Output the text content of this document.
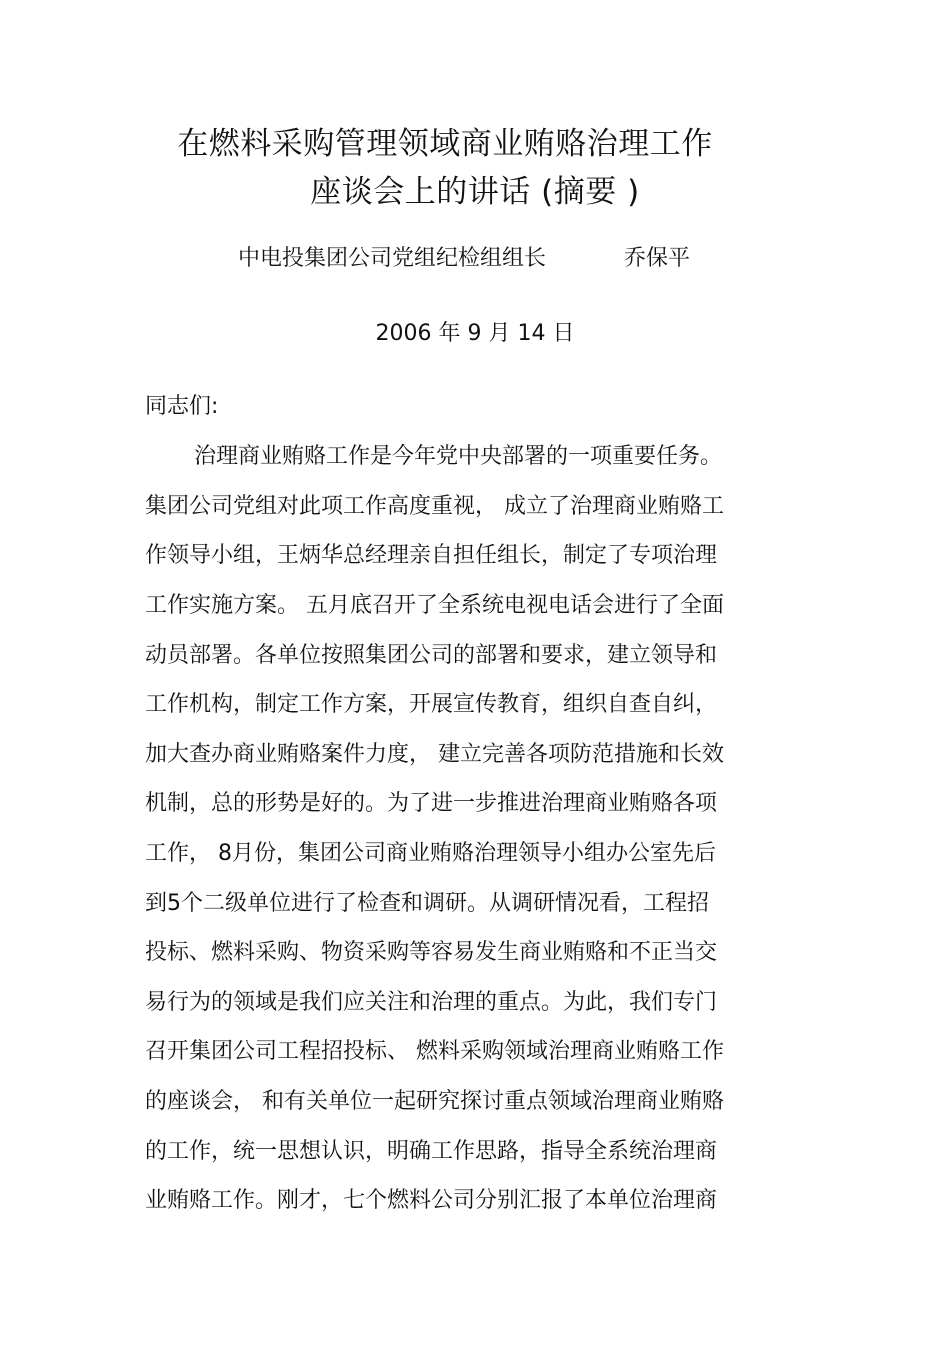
在燃料采购管理领域商业贿赂治理工作
座谈会上的讲话 (摘要 )
中电投集团公司党组纪检组组长	乔保平
2006 年 9 月 14 日
同志们:
治理商业贿赂工作是今年党中央部署的一项重要任务。
集团公司党组对此项工作高度重视， 成立了治理商业贿赂工
作领导小组，王炳华总经理亲自担任组长，制定了专项治理
工作实施方案。 五月底召开了全系统电视电话会进行了全面
动员部署。各单位按照集团公司的部署和要求，建立领导和
工作机构，制定工作方案，开展宣传教育，组织自查自纠，
加大查办商业贿赂案件力度， 建立完善各项防范措施和长效
机制，总的形势是好的。为了进一步推进治理商业贿赂各项
工作， 8月份，集团公司商业贿赂治理领导小组办公室先后
到5个二级单位进行了检查和调研。从调研情况看，工程招
投标、燃料采购、物资采购等容易发生商业贿赂和不正当交
易行为的领域是我们应关注和治理的重点。为此，我们专门
召开集团公司工程招投标、 燃料采购领域治理商业贿赂工作
的座谈会， 和有关单位一起研究探讨重点领域治理商业贿赂
的工作，统一思想认识，明确工作思路，指导全系统治理商
业贿赂工作。刚才，七个燃料公司分别汇报了本单位治理商
